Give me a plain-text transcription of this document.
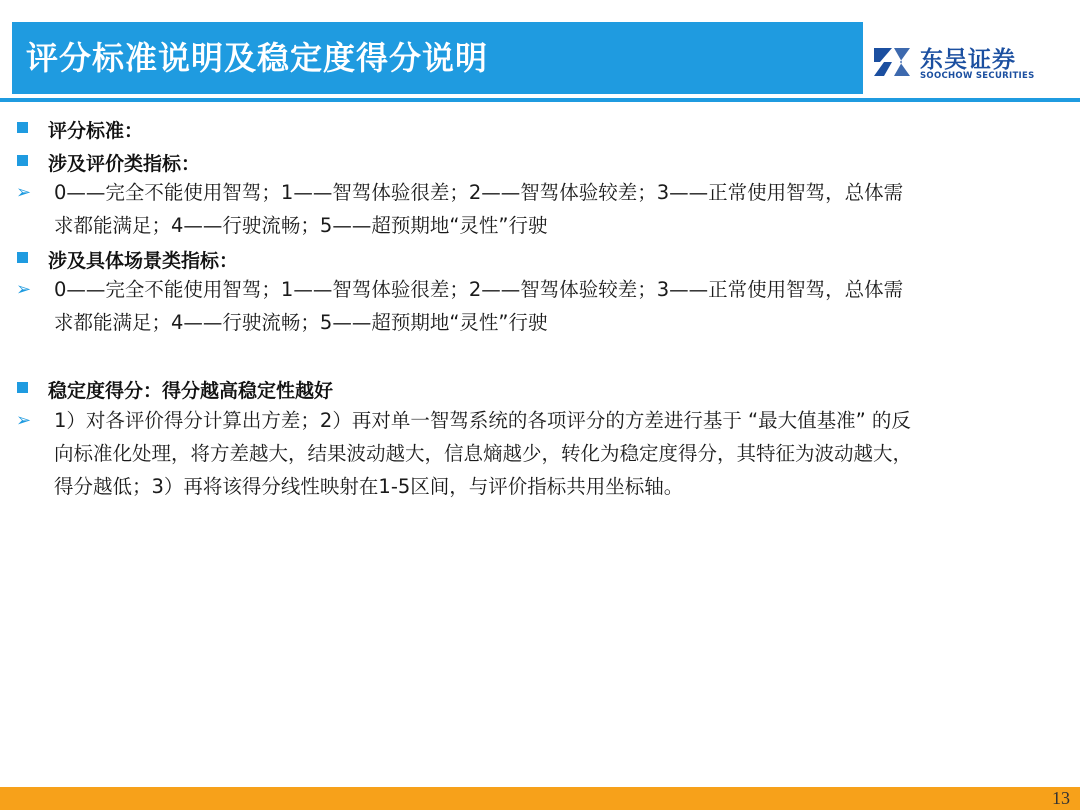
评分标准说明及稳定度得分说明	东吴证券
SOOCHOW SECURITIES
评分标准：
涉及评价类指标：
➢ 0——完全不能使用智驾；1——智驾体验很差；2——智驾体验较差；3——正常使用智驾，总体需
求都能满足；4——行驶流畅；5——超预期地“灵性”行驶
涉及具体场景类指标：
➢ 0——完全不能使用智驾；1——智驾体验很差；2——智驾体验较差；3——正常使用智驾，总体需
求都能满足；4——行驶流畅；5——超预期地“灵性”行驶
稳定度得分：得分越高稳定性越好
➢ 1）对各评价得分计算出方差；2）再对单一智驾系统的各项评分的方差进行基于 “最大值基准” 的反
向标准化处理，将方差越大，结果波动越大，信息熵越少，转化为稳定度得分，其特征为波动越大，
得分越低；3）再将该得分线性映射在1-5区间，与评价指标共用坐标轴。
13
